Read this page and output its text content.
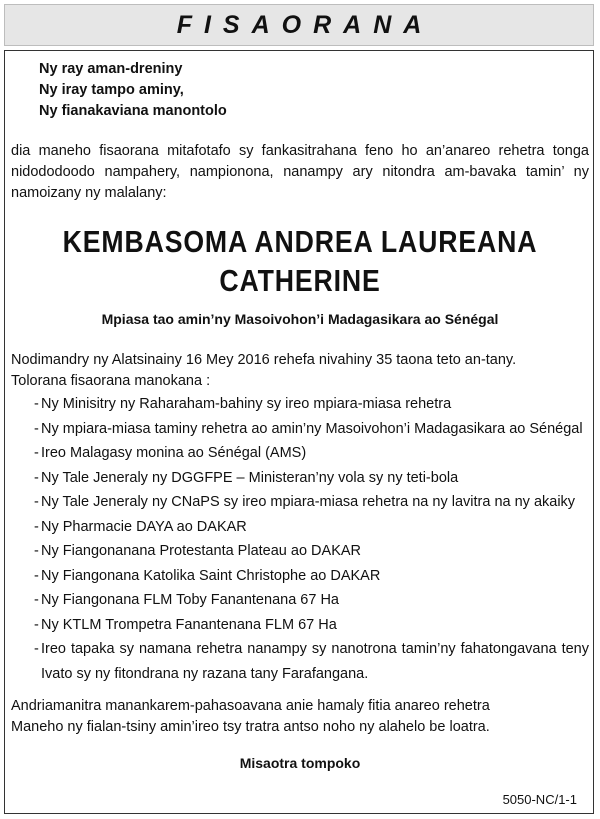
FISAORANA
Ny ray aman-dreniny
Ny iray tampo aminy,
Ny fianakaviana manontolo
dia maneho fisaorana mitafotafo sy fankasitrahana feno ho an’anareo rehetra tonga nidododoodo nampahery, nampionona, nanampy ary nitondra am-bavaka tamin’ ny namoizany ny malalany:
KEMBASOMA ANDREA LAUREANA
CATHERINE
Mpiasa tao amin’ny Masoivohon’i Madagasikara ao Sénégal
Nodimandry ny Alatsinainy 16 Mey 2016 rehefa nivahiny 35 taona teto an-tany.
Tolorana fisaorana manokana :
- Ny Minisitry ny Raharaham-bahiny sy ireo mpiara-miasa rehetra
- Ny mpiara-miasa taminy rehetra ao amin’ny Masoivohon’i Madagasikara ao Sénégal
- Ireo Malagasy monina ao Sénégal (AMS)
- Ny Tale Jeneraly ny DGGFPE – Ministeran’ny vola sy ny teti-bola
- Ny Tale Jeneraly ny CNaPS sy ireo mpiara-miasa rehetra na ny lavitra na ny akaiky
- Ny Pharmacie DAYA ao DAKAR
- Ny Fiangonanana Protestanta Plateau ao DAKAR
- Ny Fiangonana Katolika Saint Christophe ao DAKAR
- Ny Fiangonana FLM Toby Fanantenana 67 Ha
- Ny KTLM Trompetra Fanantenana FLM 67 Ha
- Ireo tapaka sy namana rehetra nanampy sy nanotrona tamin’ny fahatongavana teny Ivato sy ny fitondrana ny razana tany Farafangana.
Andriamanitra manankarem-pahasoavana anie hamaly fitia anareo rehetra
Maneho ny fialan-tsiny amin’ireo tsy tratra antso noho ny alahelo be loatra.
Misaotra tompoko
5050-NC/1-1
